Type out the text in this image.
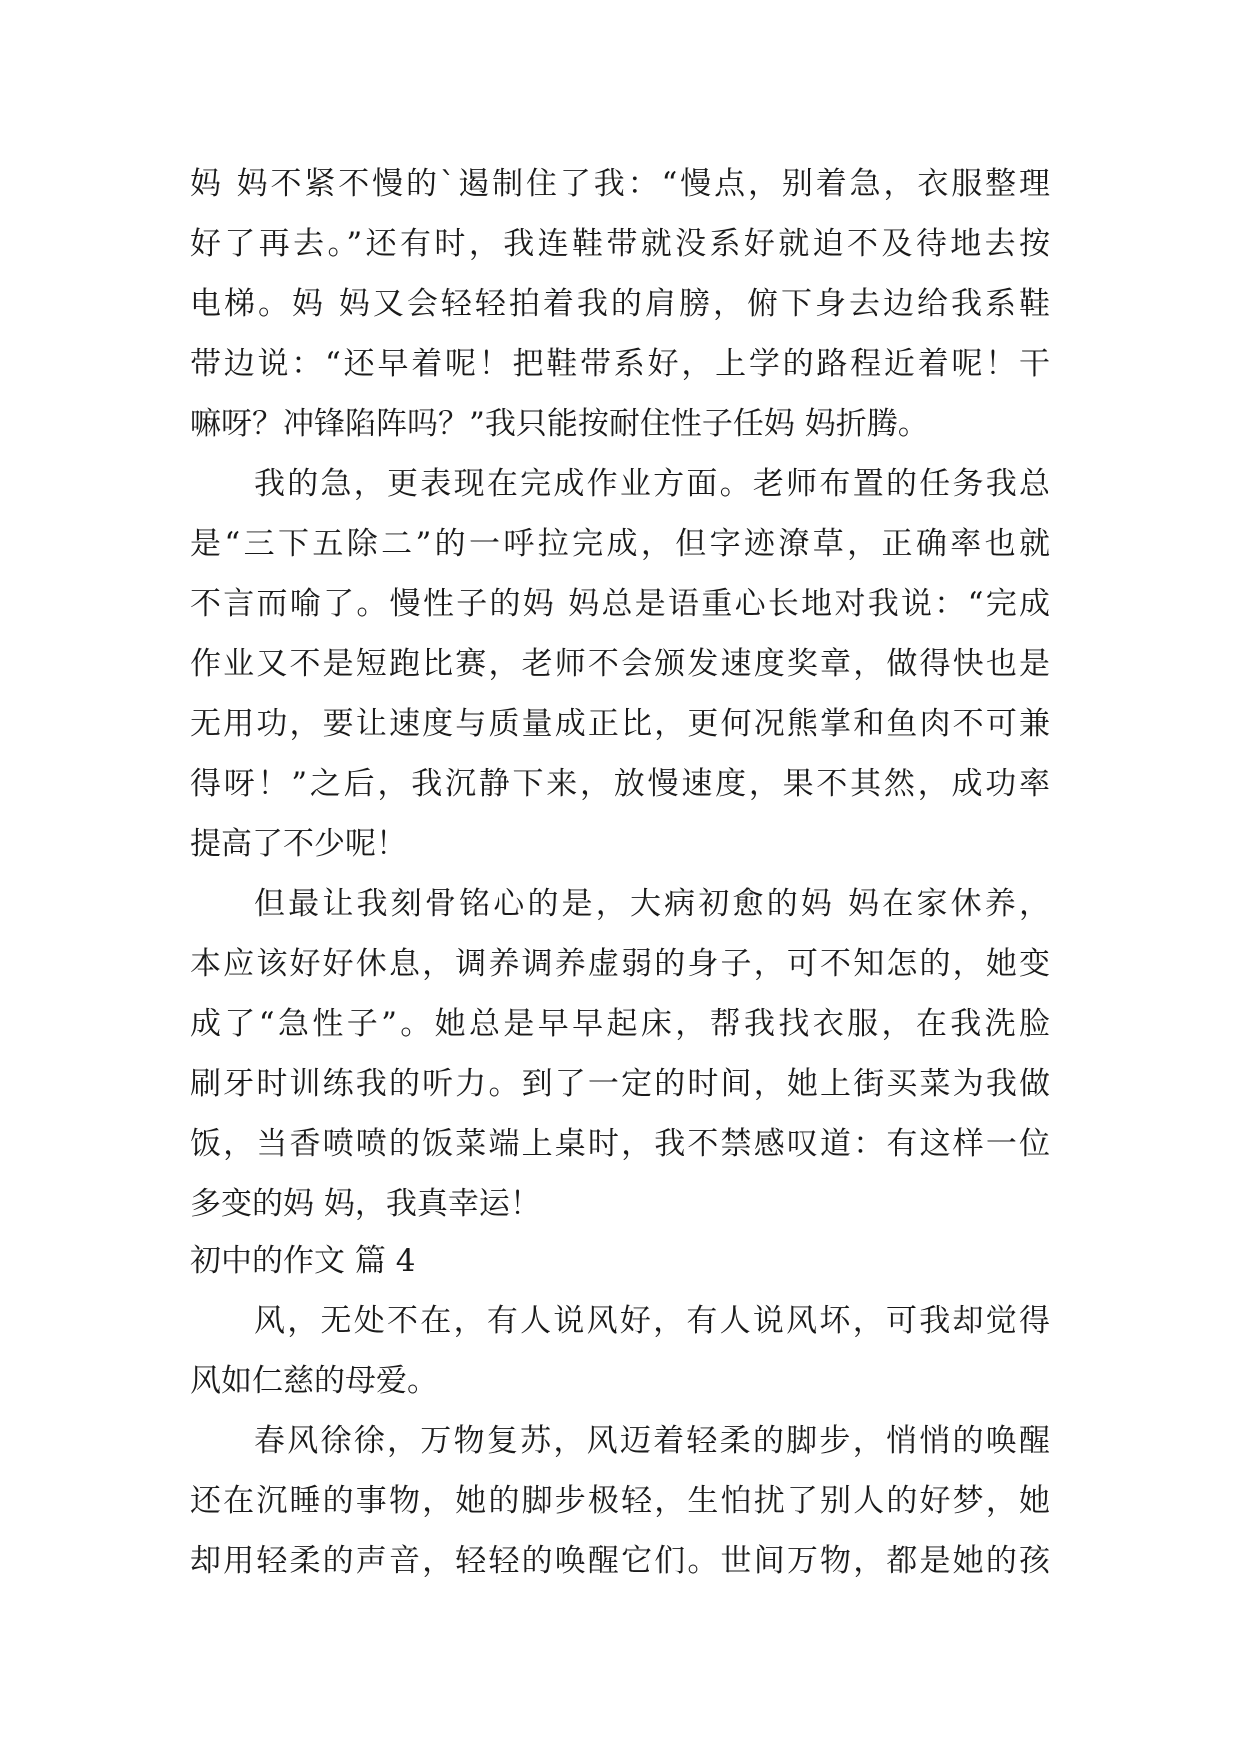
妈 妈不紧不慢的`遏制住了我：“慢点，别着急，衣服整理
好了再去。”还有时，我连鞋带就没系好就迫不及待地去按
电梯。妈 妈又会轻轻拍着我的肩膀，俯下身去边给我系鞋
带边说：“还早着呢！把鞋带系好，上学的路程近着呢！干
嘛呀？冲锋陷阵吗？”我只能按耐住性子任妈 妈折腾。
我的急，更表现在完成作业方面。老师布置的任务我总
是“三下五除二”的一呼拉完成，但字迹潦草，正确率也就
不言而喻了。慢性子的妈 妈总是语重心长地对我说：“完成
作业又不是短跑比赛，老师不会颁发速度奖章，做得快也是
无用功，要让速度与质量成正比，更何况熊掌和鱼肉不可兼
得呀！”之后，我沉静下来，放慢速度，果不其然，成功率
提高了不少呢！
但最让我刻骨铭心的是，大病初愈的妈 妈在家休养，
本应该好好休息，调养调养虚弱的身子，可不知怎的，她变
成了“急性子”。她总是早早起床，帮我找衣服，在我洗脸
刷牙时训练我的听力。到了一定的时间，她上街买菜为我做
饭，当香喷喷的饭菜端上桌时，我不禁感叹道：有这样一位
多变的妈 妈，我真幸运！
初中的作文 篇 4
风，无处不在，有人说风好，有人说风坏，可我却觉得
风如仁慈的母爱。
春风徐徐，万物复苏，风迈着轻柔的脚步，悄悄的唤醒
还在沉睡的事物，她的脚步极轻，生怕扰了别人的好梦，她
却用轻柔的声音，轻轻的唤醒它们。世间万物，都是她的孩
